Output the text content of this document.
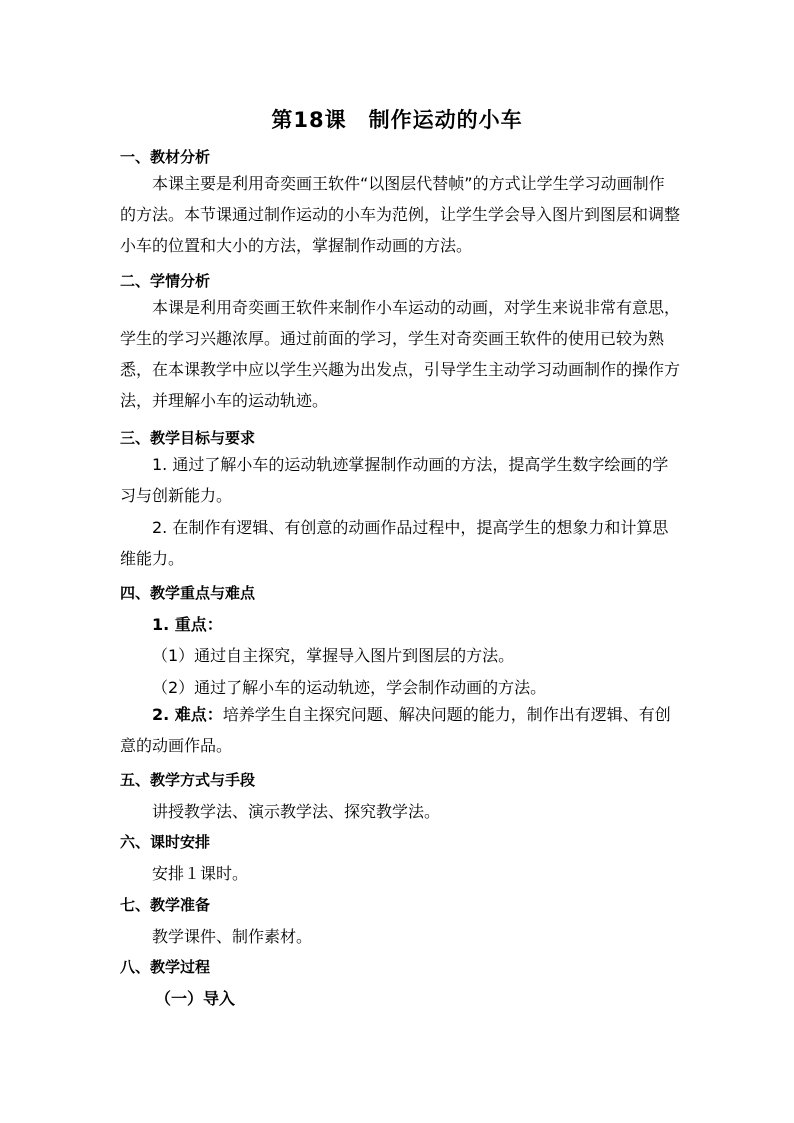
第18课　制作运动的小车
一、教材分析
本课主要是利用奇奕画王软件“以图层代替帧”的方式让学生学习动画制作的方法。本节课通过制作运动的小车为范例，让学生学会导入图片到图层和调整小车的位置和大小的方法，掌握制作动画的方法。
二、学情分析
本课是利用奇奕画王软件来制作小车运动的动画，对学生来说非常有意思，学生的学习兴趣浓厚。通过前面的学习，学生对奇奕画王软件的使用已较为熟悉，在本课教学中应以学生兴趣为出发点，引导学生主动学习动画制作的操作方法，并理解小车的运动轨迹。
三、教学目标与要求
1. 通过了解小车的运动轨迹掌握制作动画的方法，提高学生数字绘画的学习与创新能力。
2. 在制作有逻辑、有创意的动画作品过程中，提高学生的想象力和计算思维能力。
四、教学重点与难点
1. 重点：
（1）通过自主探究，掌握导入图片到图层的方法。
（2）通过了解小车的运动轨迹，学会制作动画的方法。
2. 难点：培养学生自主探究问题、解决问题的能力，制作出有逻辑、有创意的动画作品。
五、教学方式与手段
讲授教学法、演示教学法、探究教学法。
六、课时安排
安排１课时。
七、教学准备
教学课件、制作素材。
八、教学过程
（一）导入
